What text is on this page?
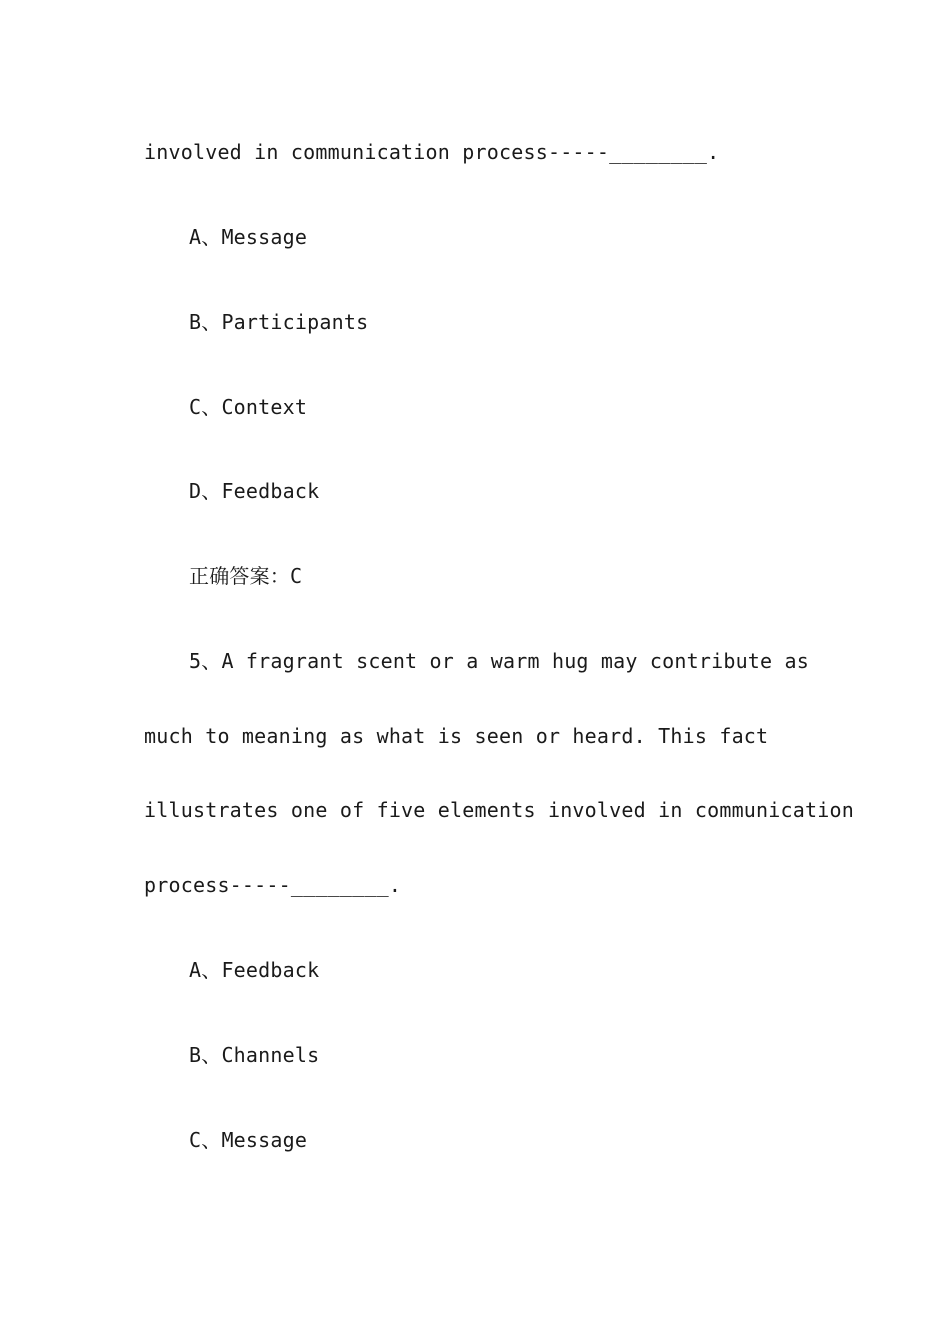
involved in communication process-----________.
A、Message
B、Participants
C、Context
D、Feedback
正确答案：C
5、A fragrant scent or a warm hug may contribute as
much to meaning as what is seen or heard. This fact
illustrates one of five elements involved in communication
process-----________.
A、Feedback
B、Channels
C、Message
